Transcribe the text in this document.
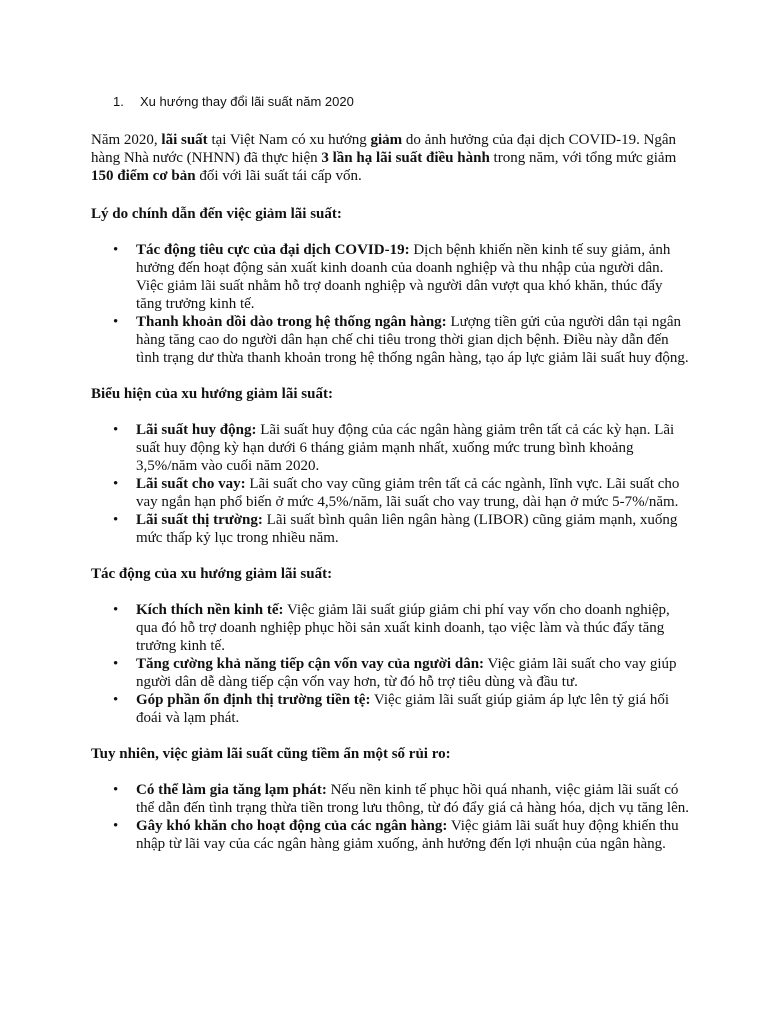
1. Xu hướng thay đổi lãi suất năm 2020

Năm 2020, lãi suất tại Việt Nam có xu hướng giảm do ảnh hưởng của đại dịch COVID-19. Ngân hàng Nhà nước (NHNN) đã thực hiện 3 lần hạ lãi suất điều hành trong năm, với tổng mức giảm 150 điểm cơ bản đối với lãi suất tái cấp vốn.

Lý do chính dẫn đến việc giảm lãi suất:
• Tác động tiêu cực của đại dịch COVID-19: Dịch bệnh khiến nền kinh tế suy giảm, ảnh hưởng đến hoạt động sản xuất kinh doanh của doanh nghiệp và thu nhập của người dân. Việc giảm lãi suất nhằm hỗ trợ doanh nghiệp và người dân vượt qua khó khăn, thúc đẩy tăng trưởng kinh tế.
• Thanh khoản dồi dào trong hệ thống ngân hàng: Lượng tiền gửi của người dân tại ngân hàng tăng cao do người dân hạn chế chi tiêu trong thời gian dịch bệnh. Điều này dẫn đến tình trạng dư thừa thanh khoản trong hệ thống ngân hàng, tạo áp lực giảm lãi suất huy động.
Biểu hiện của xu hướng giảm lãi suất:
• Lãi suất huy động: Lãi suất huy động của các ngân hàng giảm trên tất cả các kỳ hạn. Lãi suất huy động kỳ hạn dưới 6 tháng giảm mạnh nhất, xuống mức trung bình khoảng 3,5%/năm vào cuối năm 2020.
• Lãi suất cho vay: Lãi suất cho vay cũng giảm trên tất cả các ngành, lĩnh vực. Lãi suất cho vay ngắn hạn phổ biến ở mức 4,5%/năm, lãi suất cho vay trung, dài hạn ở mức 5-7%/năm.
• Lãi suất thị trường: Lãi suất bình quân liên ngân hàng (LIBOR) cũng giảm mạnh, xuống mức thấp kỷ lục trong nhiều năm.
Tác động của xu hướng giảm lãi suất:
• Kích thích nền kinh tế: Việc giảm lãi suất giúp giảm chi phí vay vốn cho doanh nghiệp, qua đó hỗ trợ doanh nghiệp phục hồi sản xuất kinh doanh, tạo việc làm và thúc đẩy tăng trưởng kinh tế.
• Tăng cường khả năng tiếp cận vốn vay của người dân: Việc giảm lãi suất cho vay giúp người dân dễ dàng tiếp cận vốn vay hơn, từ đó hỗ trợ tiêu dùng và đầu tư.
• Góp phần ổn định thị trường tiền tệ: Việc giảm lãi suất giúp giảm áp lực lên tỷ giá hối đoái và lạm phát.
Tuy nhiên, việc giảm lãi suất cũng tiềm ẩn một số rủi ro:
• Có thể làm gia tăng lạm phát: Nếu nền kinh tế phục hồi quá nhanh, việc giảm lãi suất có thể dẫn đến tình trạng thừa tiền trong lưu thông, từ đó đẩy giá cả hàng hóa, dịch vụ tăng lên.
• Gây khó khăn cho hoạt động của các ngân hàng: Việc giảm lãi suất huy động khiến thu nhập từ lãi vay của các ngân hàng giảm xuống, ảnh hưởng đến lợi nhuận của ngân hàng.
